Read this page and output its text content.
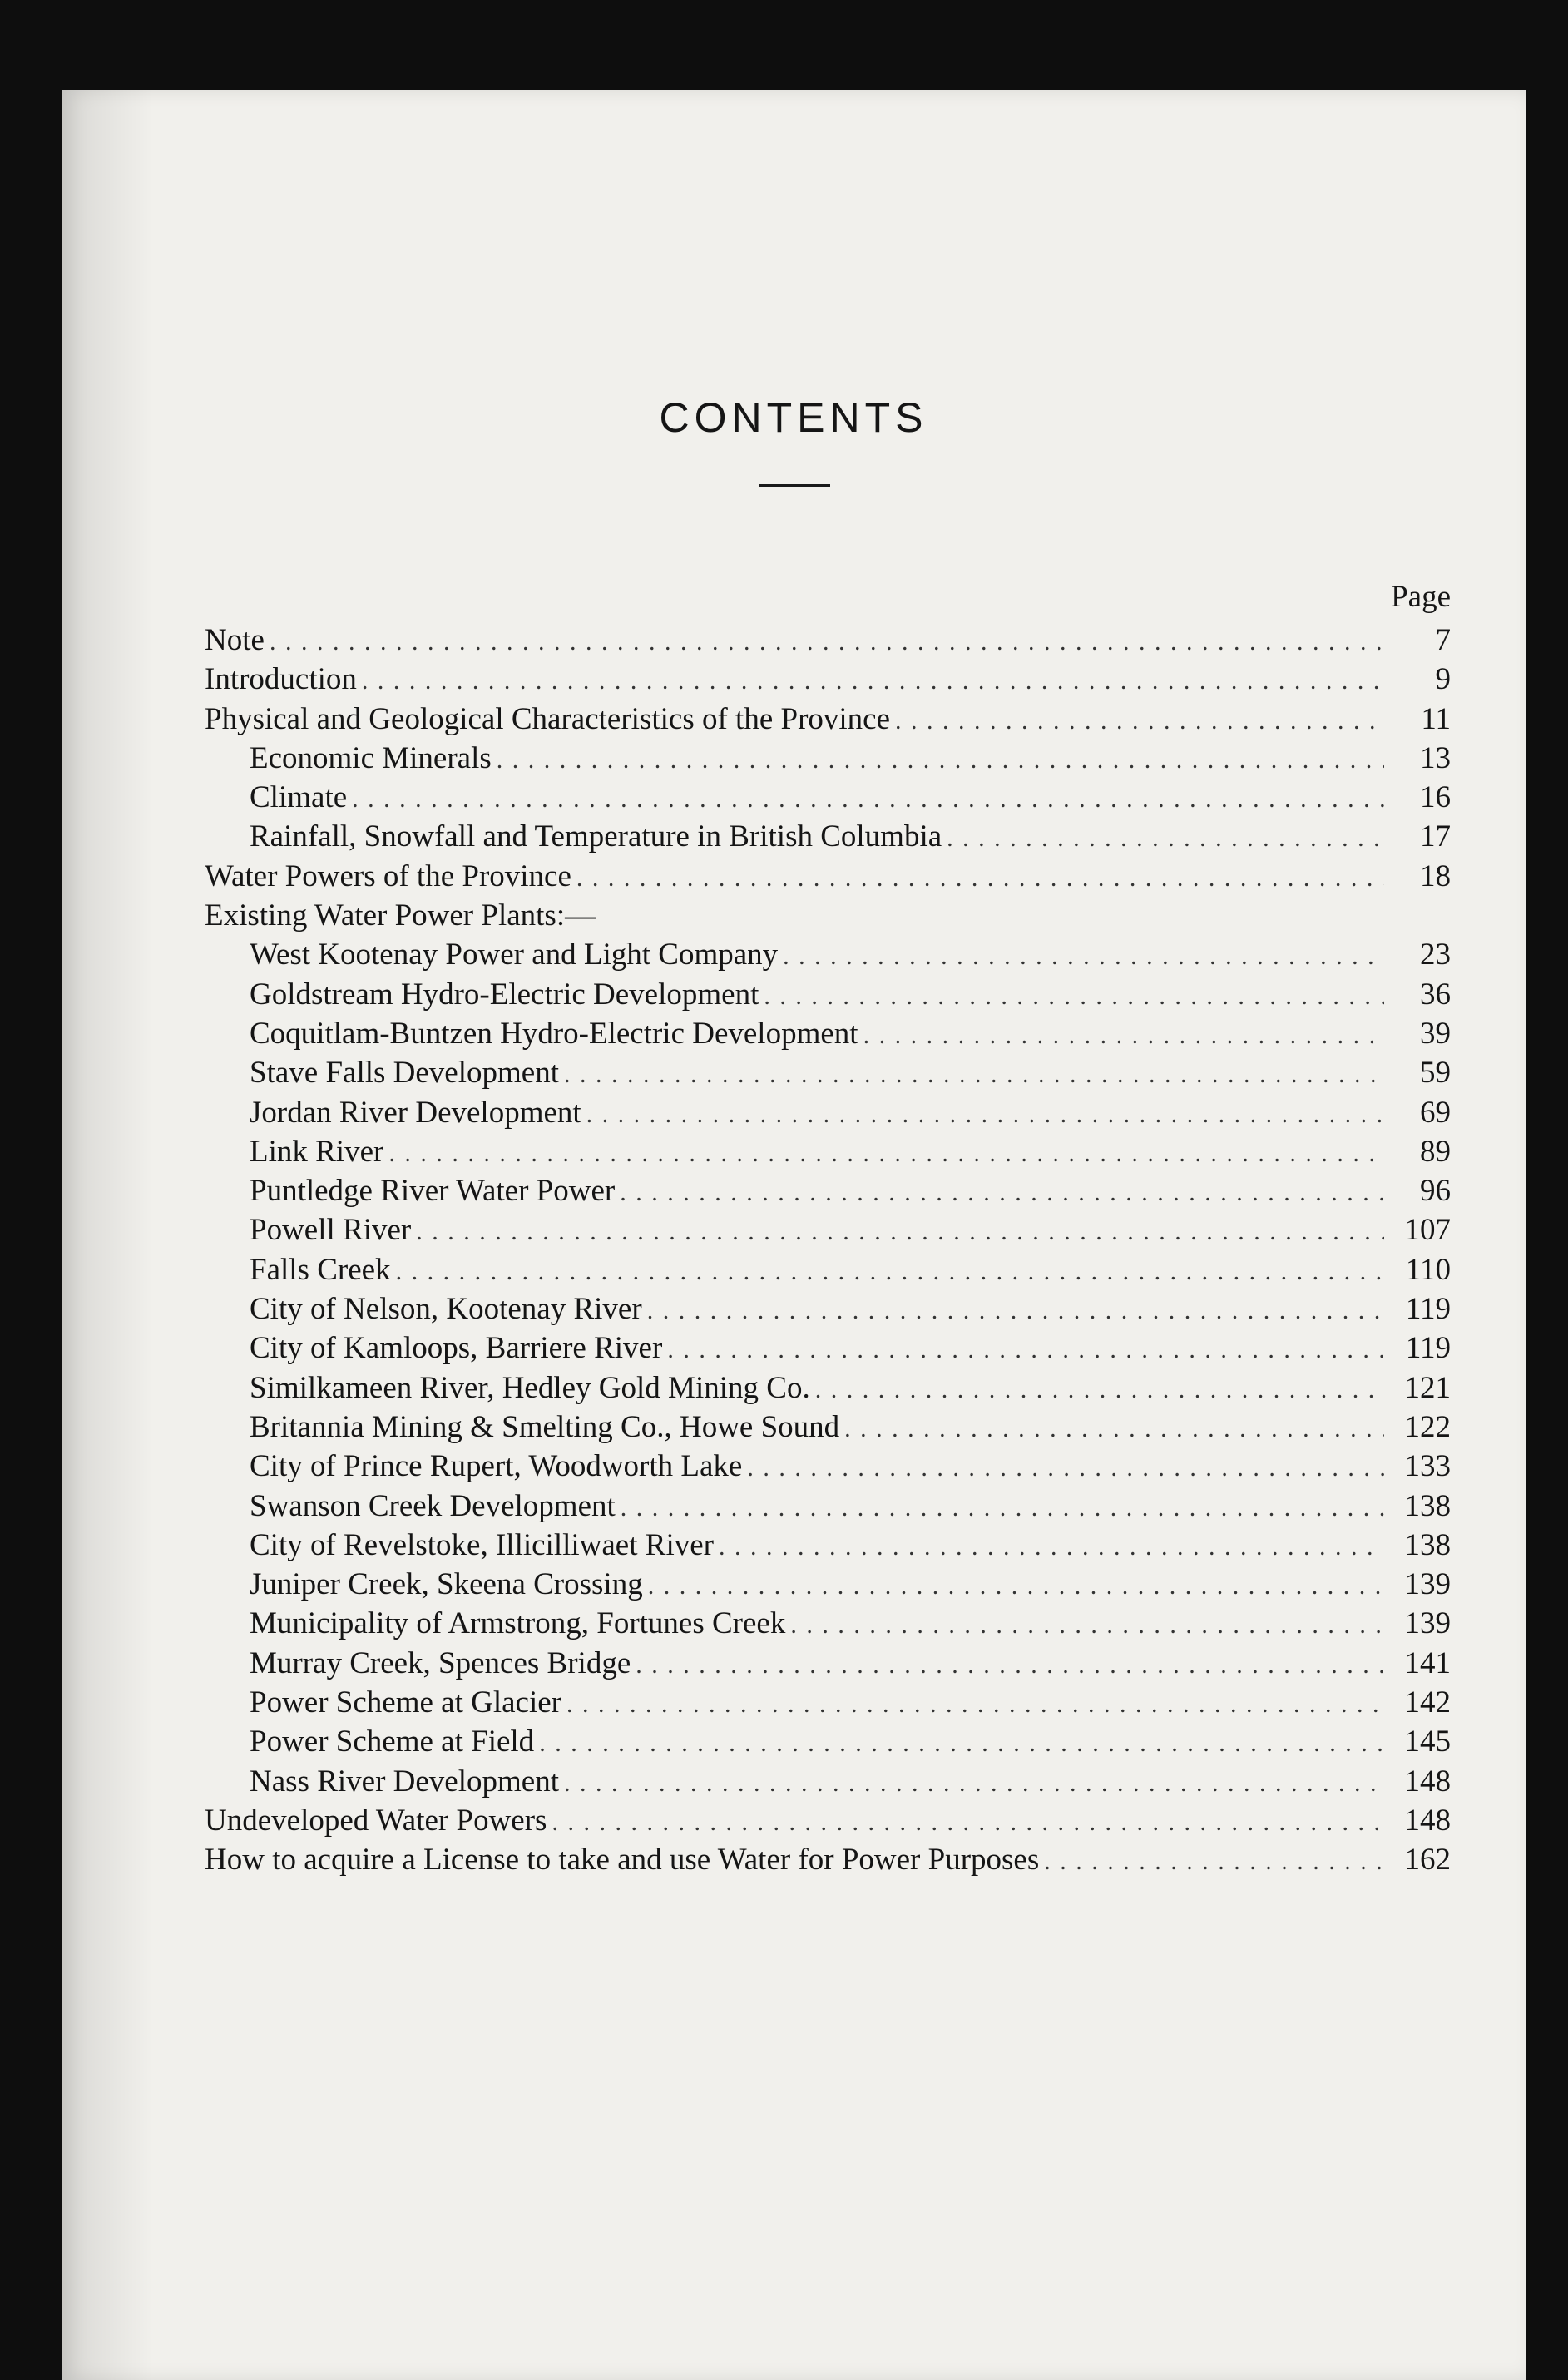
CONTENTS
Page
Note . . .	7
Introduction . . .	9
Physical and Geological Characteristics of the Province . . .	11
Economic Minerals . . .	13
Climate . . .	16
Rainfall, Snowfall and Temperature in British Columbia . . .	17
Water Powers of the Province . . .	18
Existing Water Power Plants:—
West Kootenay Power and Light Company . . .	23
Goldstream Hydro-Electric Development . . .	36
Coquitlam-Buntzen Hydro-Electric Development . . .	39
Stave Falls Development . . .	59
Jordan River Development . . .	69
Link River . . .	89
Puntledge River Water Power . . .	96
Powell River . . .	107
Falls Creek . . .	110
City of Nelson, Kootenay River . . .	119
City of Kamloops, Barriere River . . .	119
Similkameen River, Hedley Gold Mining Co. . . .	121
Britannia Mining & Smelting Co., Howe Sound . . .	122
City of Prince Rupert, Woodworth Lake . . .	133
Swanson Creek Development . . .	138
City of Revelstoke, Illicilliwaet River . . .	138
Juniper Creek, Skeena Crossing . . .	139
Municipality of Armstrong, Fortunes Creek . . .	139
Murray Creek, Spences Bridge . . .	141
Power Scheme at Glacier . . .	142
Power Scheme at Field . . .	145
Nass River Development . . .	148
Undeveloped Water Powers . . .	148
How to acquire a License to take and use Water for Power Purposes . . .	162
